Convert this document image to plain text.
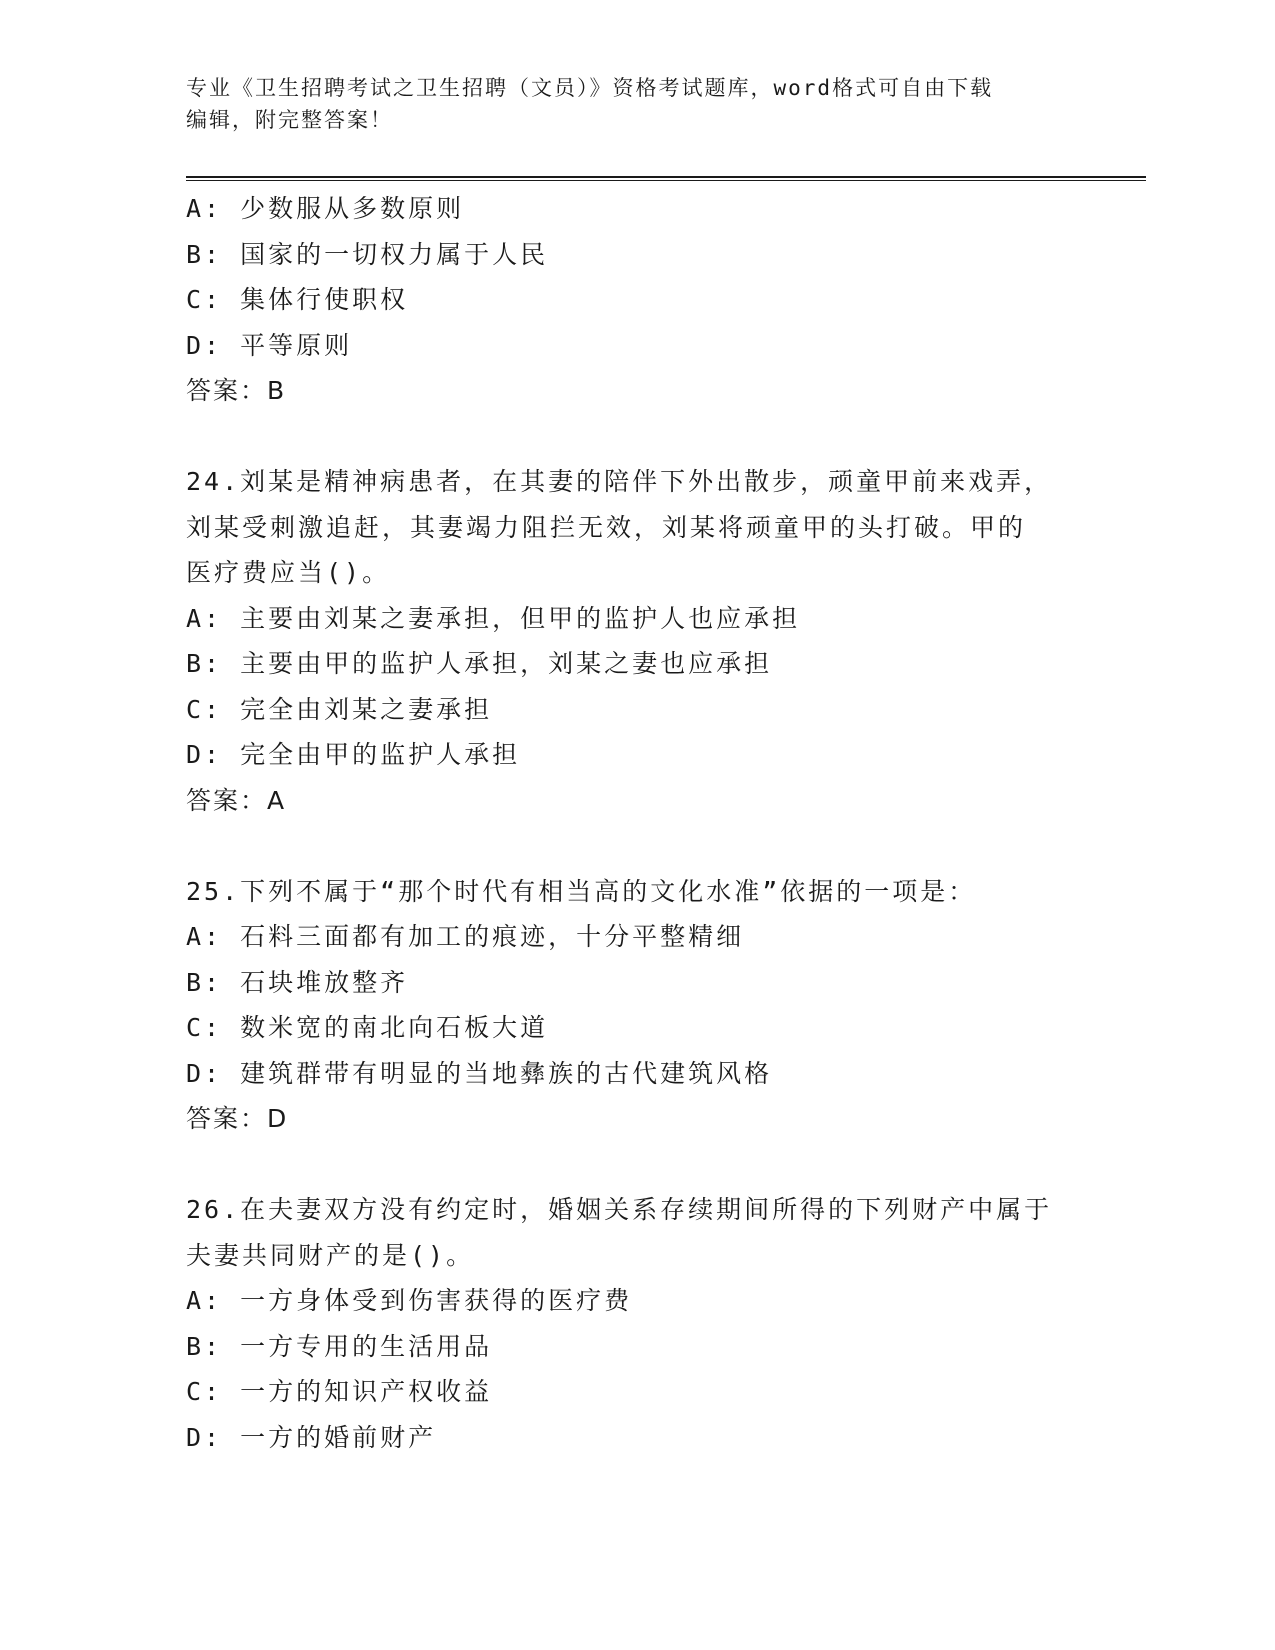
专业《卫生招聘考试之卫生招聘（文员）》资格考试题库，word格式可自由下载
编辑，附完整答案！
A: 少数服从多数原则
B: 国家的一切权力属于人民
C: 集体行使职权
D: 平等原则
答案：B
24.刘某是精神病患者，在其妻的陪伴下外出散步，顽童甲前来戏弄，
刘某受刺激追赶，其妻竭力阻拦无效，刘某将顽童甲的头打破。甲的
医疗费应当()。
A: 主要由刘某之妻承担，但甲的监护人也应承担
B: 主要由甲的监护人承担，刘某之妻也应承担
C: 完全由刘某之妻承担
D: 完全由甲的监护人承担
答案：A
25.下列不属于“那个时代有相当高的文化水准”依据的一项是：
A: 石料三面都有加工的痕迹，十分平整精细
B: 石块堆放整齐
C: 数米宽的南北向石板大道
D: 建筑群带有明显的当地彝族的古代建筑风格
答案：D
26.在夫妻双方没有约定时，婚姻关系存续期间所得的下列财产中属于
夫妻共同财产的是()。
A: 一方身体受到伤害获得的医疗费
B: 一方专用的生活用品
C: 一方的知识产权收益
D: 一方的婚前财产
